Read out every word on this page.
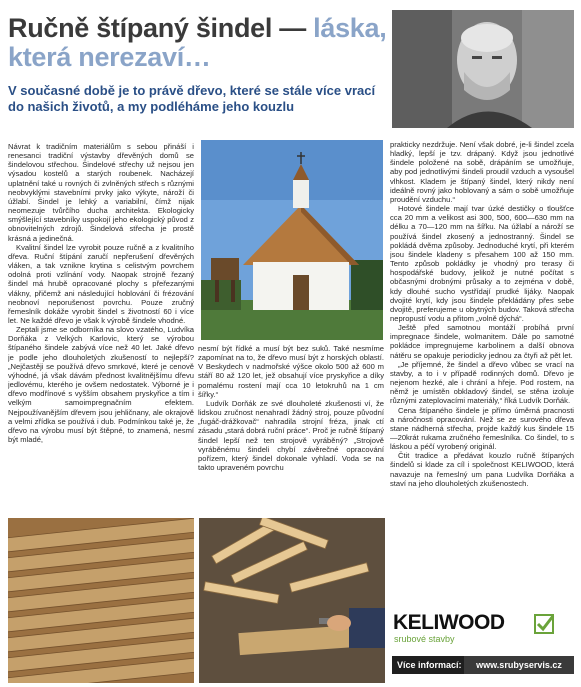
Ručně štípaný šindel — láska, která nerezaví…
V současné době je to právě dřevo, které se stále více vrací do našich životů, a my podléháme jeho kouzlu

Návrat k tradičním materiálům s sebou přináší i renesanci tradiční výstavby dřevěných domů se šindelovou střechou. Šindelové střechy už nejsou jen výsadou kostelů a starých roubenek. Nacházejí uplatnění také u rovných či zvlněných střech s různými neobvyklými stavebními prvky jako výkyte, nároží či úžlabí. Šindel je lehký a variabilní, čímž nijak neomezuje tvůrčího ducha architekta. Ekologicky smýšlející stavebníky uspokojí jeho ekologický původ z obnovitelných zdrojů. Šindelová střecha je prostě krásná a jedinečná.

Kvalitní šindel lze vyrobit pouze ručně a z kvalitního dřeva. Ruční štípání zaručí nepřerušení dřevěných vláken, a tak vznikne krytina s celistvým povrchem odolná proti vzlínání vody. Naopak strojně řezaný šindel má hrubě opracované plochy s přeřezanými vlákny, přičemž ani následující hoblování či frézování neobnoví neporušenost povrchu. Pouze zručný řemeslník dokáže vyrobit šindel s životností 60 i více let. Ne každé dřevo je však k výrobě šindele vhodné.

Zeptali jsme se odborníka na slovo vzatého, Ludvíka Dorňáka z Velkých Karlovic, který se výrobou štípaného šindele zabývá více než 40 let. Jaké dřevo je podle jeho dlouholetých zkušeností to nejlepší? „Nejčastěji se používá dřevo smrkové, které je cenově výhodné, já však dávám přednost kvalitnějšímu dřevu jedlovému, kterého je ovšem nedostatek. Výborné je i dřevo modřínové s vyšším obsahem pryskyřice a tím i velkým samoimpregnačním efektem. Nejpoužívanějším dřevem jsou jehličnany, ale okrajově a velmi zřídka se používá i dub. Podmínkou také je, že dřevo na výrobu musí být štěpné, to znamená, nesmí být mladé,

nesmí být řídké a musí být bez suků. Také nesmíme zapomínat na to, že dřevo musí být z horských oblastí. V Beskydech v nadmořské výšce okolo 500 až 600 m stáří 80 až 120 let, jež obsahují více pryskyřice a díky pomalému rostení mají cca 10 letokruhů na 1 cm šířky.“

Ludvík Dorňák ze své dlouholeté zkušenosti ví, že lidskou zručnost nenahradí žádný stroj, pouze původní „fugáč-drážkovač“ nahradila strojní fréza, jinak ctí zásadu „stará dobrá ruční práce“. Proč je ručně štípaný šindel lepší než ten strojově vyráběný? „Strojově vyráběnému šindeli chybí závěrečné opracování pořízem, který šindel dokonale vyhladí. Voda se na takto upraveném povrchu

prakticky nezdržuje. Není však dobré, je-li šindel zcela hladký, lepší je tzv. drápaný. Když jsou jednotlivé šindele položené na sobě, drápáním se umožňuje, aby pod jednotlivými šindeli proudil vzduch a vysoušel vlhkost. Kladem je štípaný šindel, který nikdy není ideálně rovný jako hoblovaný a sám o sobě umožňuje proudění vzduchu.“

Hotové šindele mají tvar úzké destičky o tloušťce cca 20 mm a velikost asi 300, 500, 600—630 mm na délku a 70—120 mm na šířku. Na úžlabí a nároží se používá šindel zkosený a jednostranný. Šindel se pokládá dvěma způsoby. Jednoduché krytí, při kterém jsou šindele kladeny s přesahem 100 až 150 mm. Tento způsob pokládky je vhodný pro terasy či hospodářské budovy, jelikož je nutné počítat s občasnými drobnými průsaky a to zejména v době, kdy dlouhé sucho vystřídají prudké lijáky. Naopak dvojité krytí, kdy jsou šindele překládány přes sebe dvojitě, preferujeme u obytných budov. Taková střecha nepropustí vodu a přitom „volně dýchá“.

Ještě před samotnou montáží probíhá první impregnace šindele, wolmanitem. Dále po samotné pokládce impregnujeme karbolinem a další obnova nátěru se opakuje periodicky jednou za čtyři až pět let.

„Je příjemné, že šindel a dřevo vůbec se vrací na stavby, a to i v případě rodinných domů. Dřevo je nejenom hezké, ale i chrání a hřeje. Pod rostem, na němž je umístěn obkladový šindel, se stěna izoluje různými zateplovacími materiály,“ říká Ludvík Dorňák.

Cena štípaného šindele je přímo úměrná pracnosti a náročnosti opracování. Než se ze surového dřeva stane nádherná střecha, projde každý kus šindele 15—20krát rukama zručného řemeslníka. Co šindel, to s láskou a péčí vyrobený originál.

Čtit tradice a předávat kouzlo ručně štípaných šindelů si klade za cíl i společnost KELIWOOD, která navazuje na řemeslný um pana Ludvíka Dorňáka a staví na jeho dlouholetých zkušenostech.

KELIWOOD
srubové stavby
Více informací:	www.srubyservis.cz
